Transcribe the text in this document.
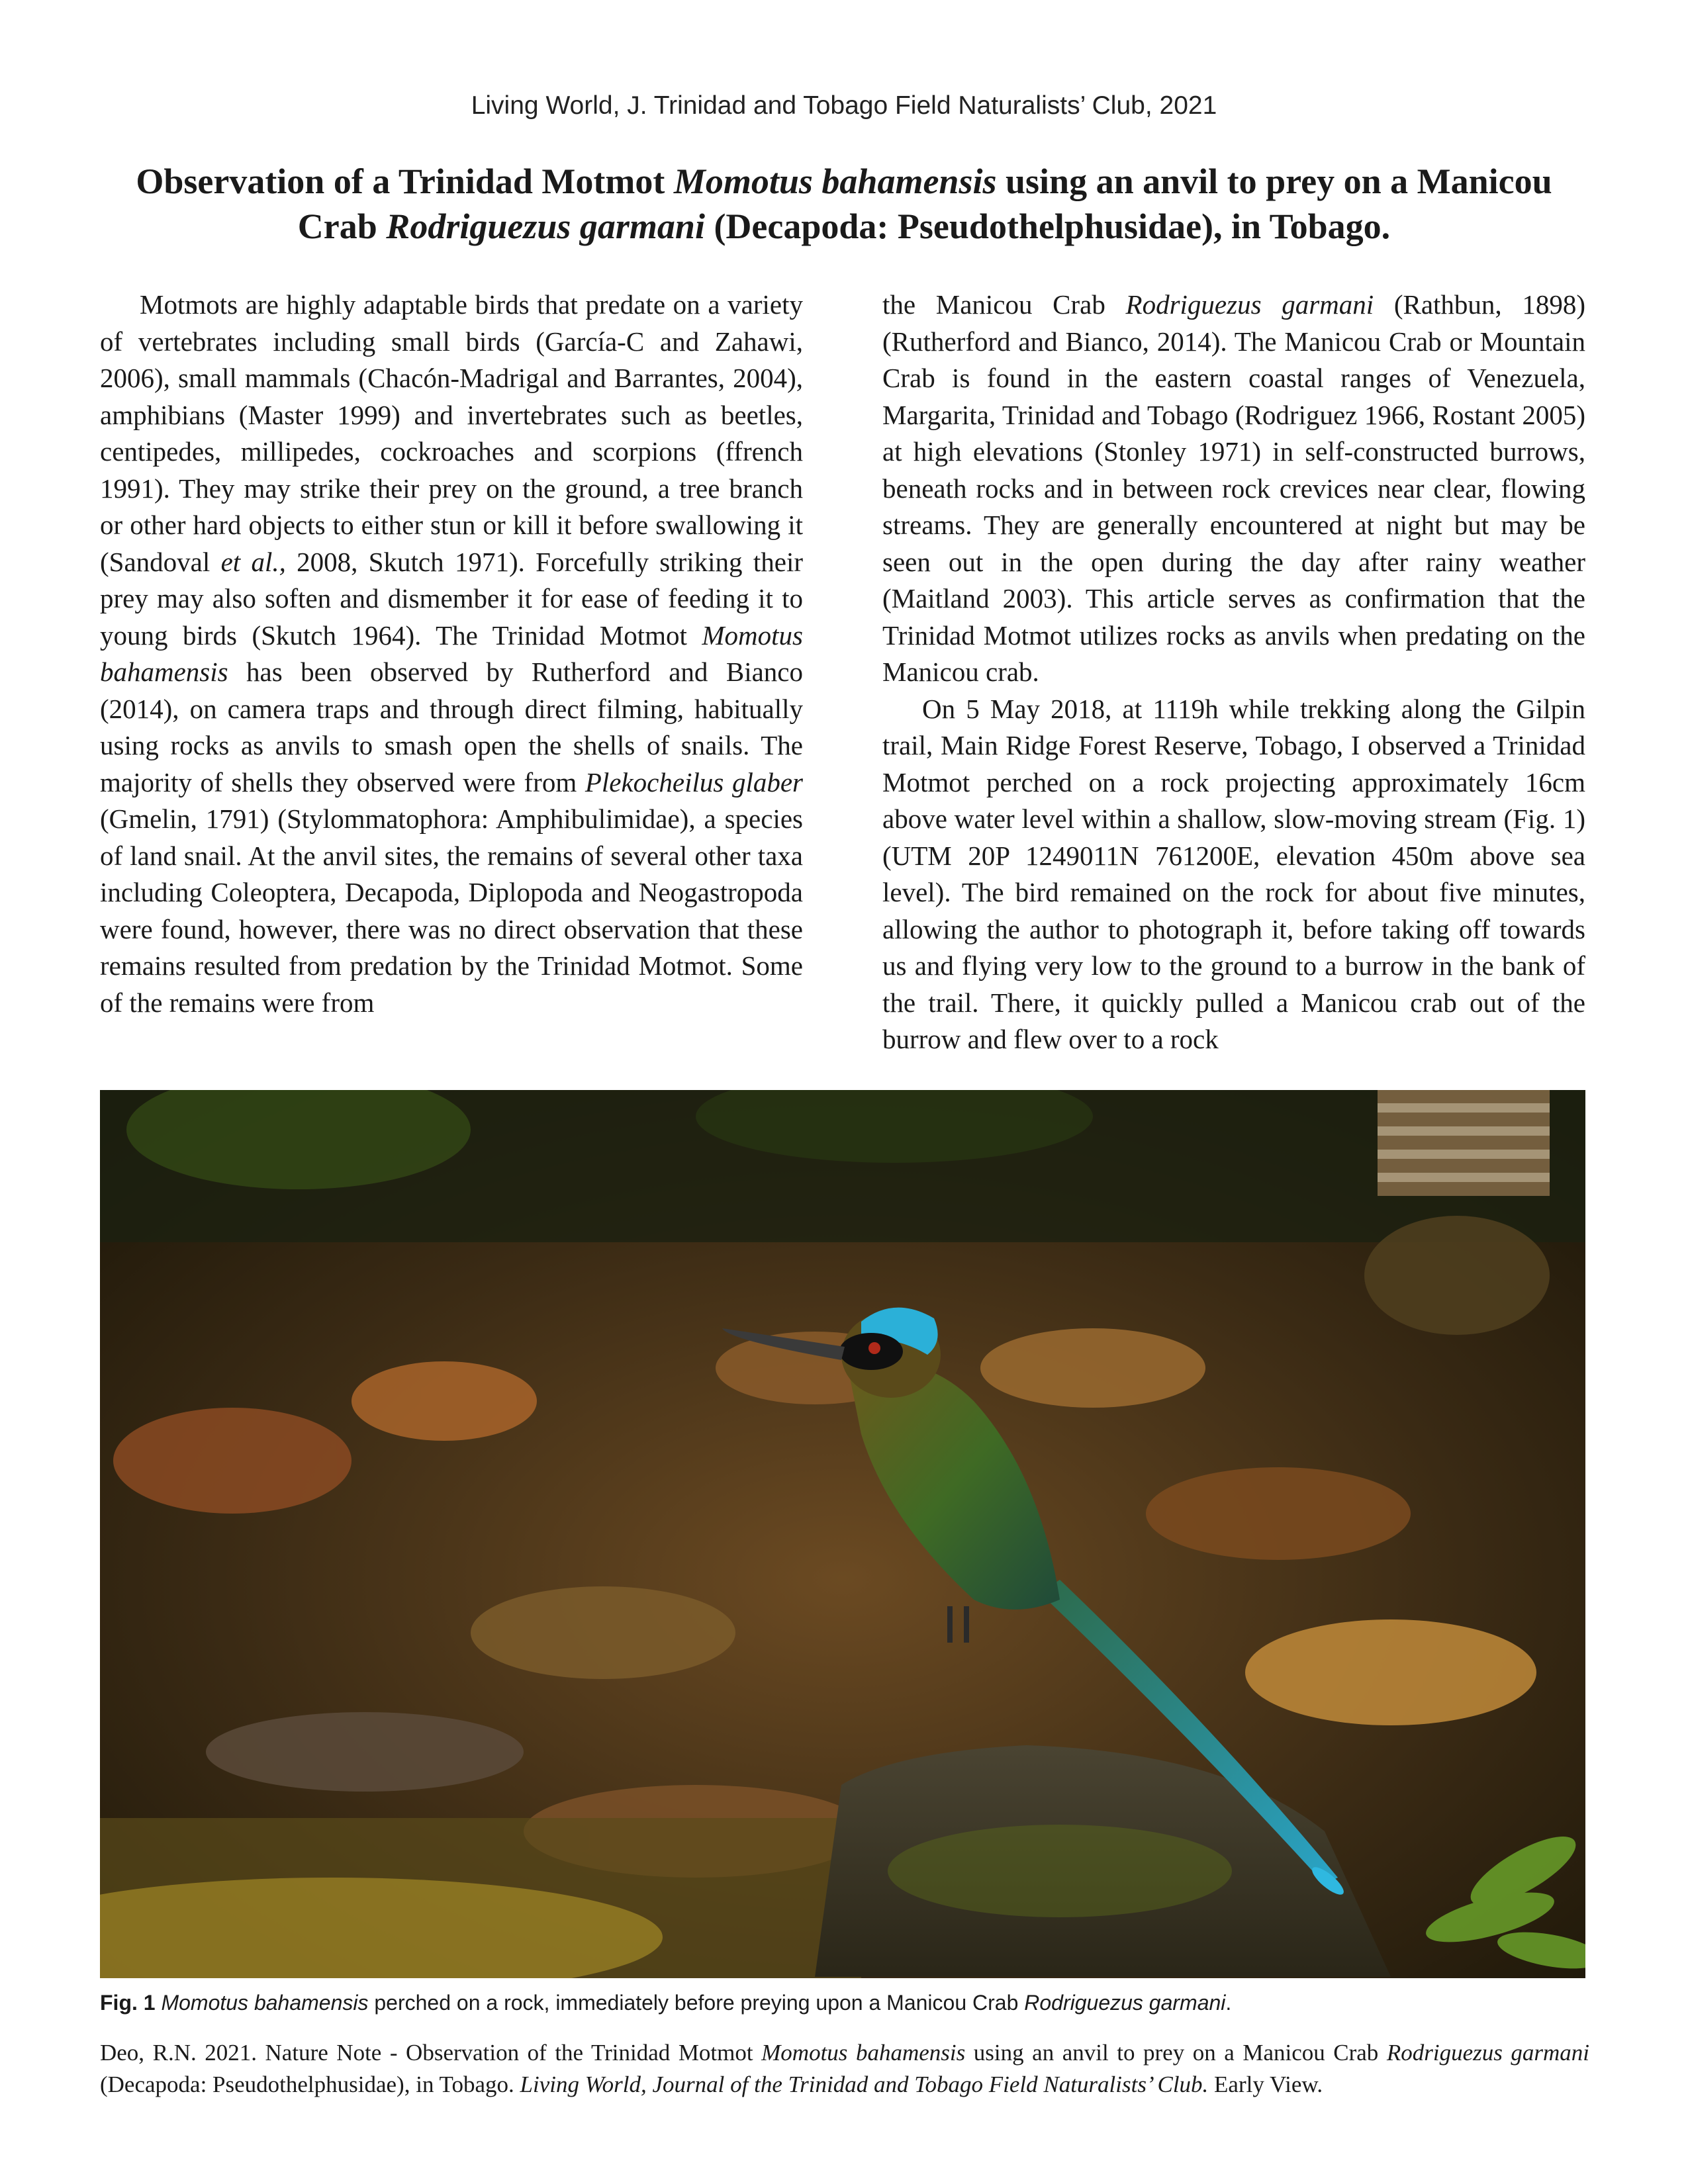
Living World, J. Trinidad and Tobago Field Naturalists’ Club, 2021
Observation of a Trinidad Motmot Momotus bahamensis using an anvil to prey on a Manicou Crab Rodriguezus garmani (Decapoda: Pseudothelphusidae), in Tobago.

Motmots are highly adaptable birds that predate on a variety of vertebrates including small birds (García-C and Zahawi, 2006), small mammals (Chacón-Madrigal and Barrantes, 2004), amphibians (Master 1999) and invertebrates such as beetles, centipedes, millipedes, cockroaches and scorpions (ffrench 1991). They may strike their prey on the ground, a tree branch or other hard objects to either stun or kill it before swallowing it (Sandoval et al., 2008, Skutch 1971). Forcefully striking their prey may also soften and dismember it for ease of feeding it to young birds (Skutch 1964). The Trinidad Motmot Momotus bahamensis has been observed by Rutherford and Bianco (2014), on camera traps and through direct filming, habitually using rocks as anvils to smash open the shells of snails. The majority of shells they observed were from Plekocheilus glaber (Gmelin, 1791) (Stylommatophora: Amphibulimidae), a species of land snail. At the anvil sites, the remains of several other taxa including Coleoptera, Decapoda, Diplopoda and Neogastropoda were found, however, there was no direct observation that these remains resulted from predation by the Trinidad Motmot. Some of the remains were from

the Manicou Crab Rodriguezus garmani (Rathbun, 1898) (Rutherford and Bianco, 2014). The Manicou Crab or Mountain Crab is found in the eastern coastal ranges of Venezuela, Margarita, Trinidad and Tobago (Rodriguez 1966, Rostant 2005) at high elevations (Stonley 1971) in self-constructed burrows, beneath rocks and in between rock crevices near clear, flowing streams. They are generally encountered at night but may be seen out in the open during the day after rainy weather (Maitland 2003). This article serves as confirmation that the Trinidad Motmot utilizes rocks as anvils when predating on the Manicou crab.

On 5 May 2018, at 1119h while trekking along the Gilpin trail, Main Ridge Forest Reserve, Tobago, I observed a Trinidad Motmot perched on a rock projecting approximately 16cm above water level within a shallow, slow-moving stream (Fig. 1) (UTM 20P 1249011N 761200E, elevation 450m above sea level). The bird remained on the rock for about five minutes, allowing the author to photograph it, before taking off towards us and flying very low to the ground to a burrow in the bank of the trail. There, it quickly pulled a Manicou crab out of the burrow and flew over to a rock

Fig. 1 Momotus bahamensis perched on a rock, immediately before preying upon a Manicou Crab Rodriguezus garmani.
Deo, R.N. 2021. Nature Note - Observation of the Trinidad Motmot Momotus bahamensis using an anvil to prey on a Manicou Crab Rodriguezus garmani (Decapoda: Pseudothelphusidae), in Tobago. Living World, Journal of the Trinidad and Tobago Field Naturalists’ Club. Early View.
